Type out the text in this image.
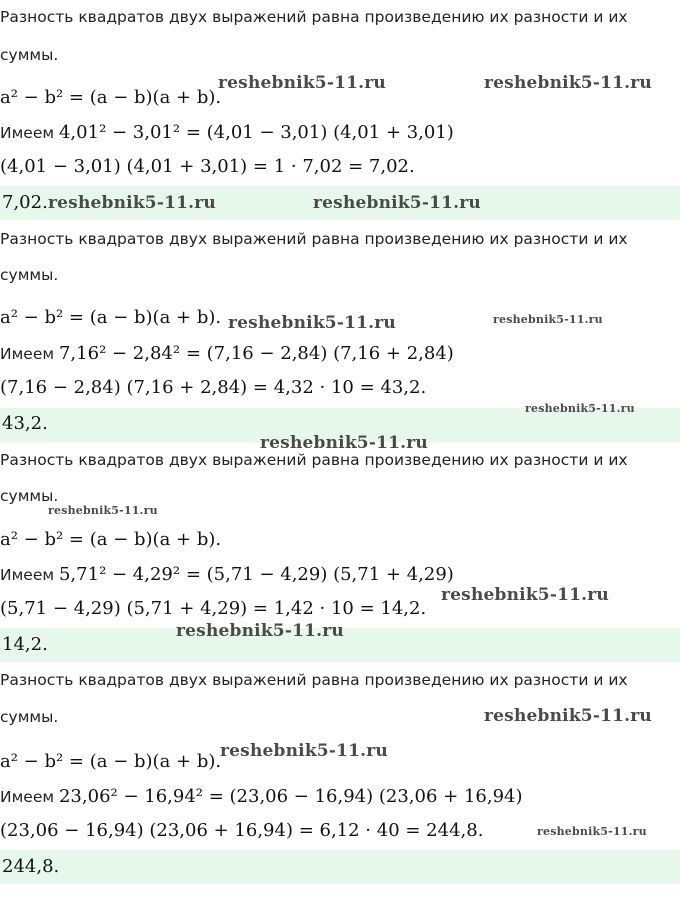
Разность квадратов двух выражений равна произведению их разности и их
суммы.
a² − b² = (a − b)(a + b).
Имеем 4,01² − 3,01² = (4,01 − 3,01) (4,01 + 3,01)
(4,01 − 3,01) (4,01 + 3,01) = 1 · 7,02 = 7,02.
7,02.
Разность квадратов двух выражений равна произведению их разности и их
суммы.
a² − b² = (a − b)(a + b).
Имеем 7,16² − 2,84² = (7,16 − 2,84) (7,16 + 2,84)
(7,16 − 2,84) (7,16 + 2,84) = 4,32 · 10 = 43,2.
43,2.
Разность квадратов двух выражений равна произведению их разности и их
суммы.
a² − b² = (a − b)(a + b).
Имеем 5,71² − 4,29² = (5,71 − 4,29) (5,71 + 4,29)
(5,71 − 4,29) (5,71 + 4,29) = 1,42 · 10 = 14,2.
14,2.
Разность квадратов двух выражений равна произведению их разности и их
суммы.
a² − b² = (a − b)(a + b).
Имеем 23,06² − 16,94² = (23,06 − 16,94) (23,06 + 16,94)
(23,06 − 16,94) (23,06 + 16,94) = 6,12 · 40 = 244,8.
244,8.
reshebnik5-11.ru	reshebnik5-11.ru
reshebnik5-11.ru	reshebnik5-11.ru
reshebnik5-11.ru	reshebnik5-11.ru
reshebnik5-11.ru
reshebnik5-11.ru
reshebnik5-11.ru
reshebnik5-11.ru
reshebnik5-11.ru
reshebnik5-11.ru
reshebnik5-11.ru
reshebnik5-11.ru
